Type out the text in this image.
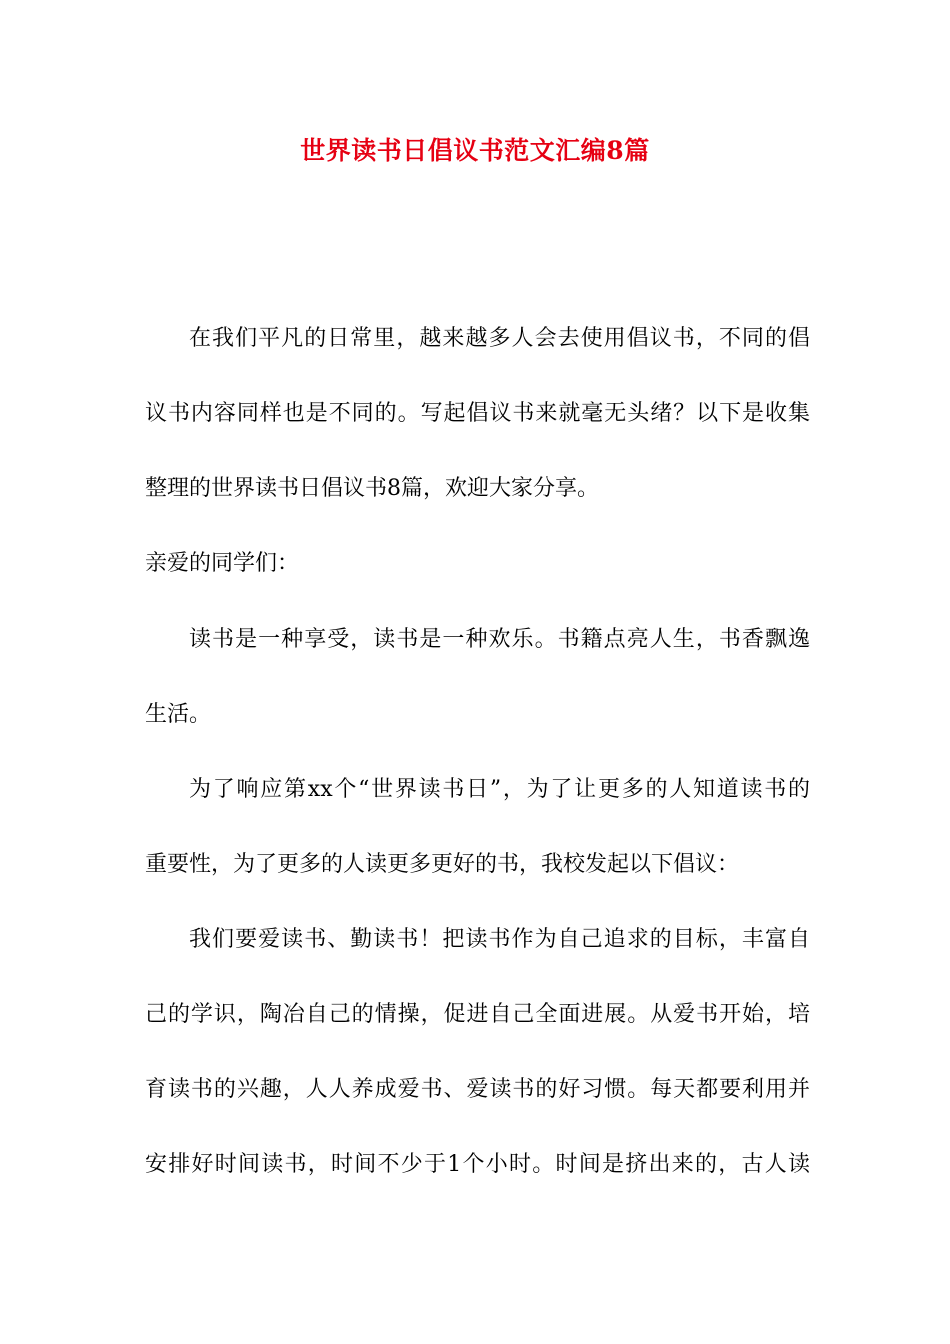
世界读书日倡议书范文汇编8篇

在我们平凡的日常里，越来越多人会去使用倡议书，不同的倡

议书内容同样也是不同的。写起倡议书来就毫无头绪？以下是收集

整理的世界读书日倡议书8篇，欢迎大家分享。

亲爱的同学们：

读书是一种享受，读书是一种欢乐。书籍点亮人生，书香飘逸

生活。

为了响应第xx个“世界读书日”，为了让更多的人知道读书的

重要性，为了更多的人读更多更好的书，我校发起以下倡议：

我们要爱读书、勤读书！把读书作为自己追求的目标，丰富自

己的学识，陶冶自己的情操，促进自己全面进展。从爱书开始，培

育读书的兴趣，人人养成爱书、爱读书的好习惯。每天都要利用并

安排好时间读书，时间不少于1个小时。时间是挤出来的，古人读
